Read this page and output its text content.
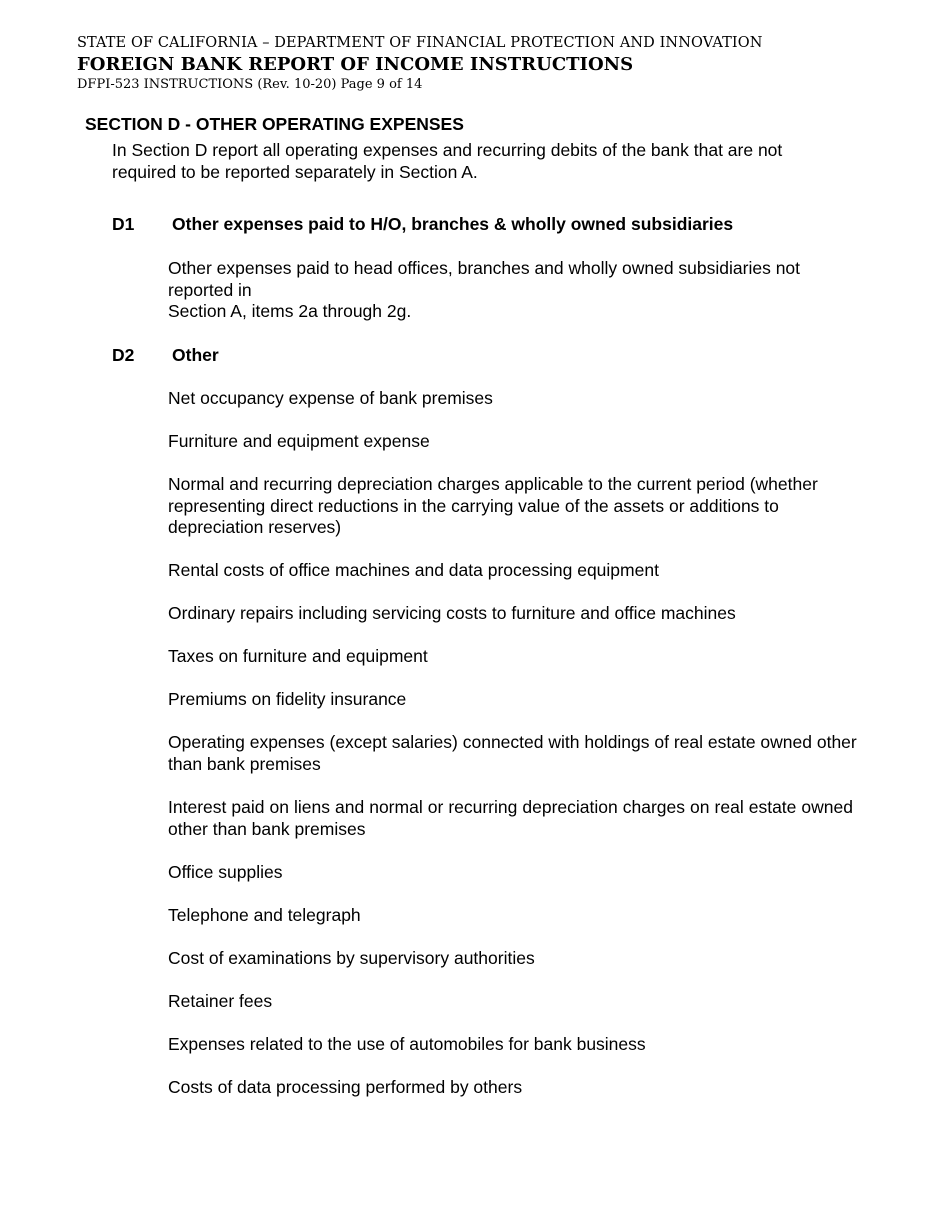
STATE OF CALIFORNIA – DEPARTMENT OF FINANCIAL PROTECTION AND INNOVATION
FOREIGN BANK REPORT OF INCOME INSTRUCTIONS
DFPI-523 INSTRUCTIONS (Rev. 10-20) Page 9 of 14
SECTION D - OTHER OPERATING EXPENSES
In Section D report all operating expenses and recurring debits of the bank that are not
required to be reported separately in Section A.
D1 Other expenses paid to H/O, branches & wholly owned subsidiaries
Other expenses paid to head offices, branches and wholly owned subsidiaries not
reported in
Section A, items 2a through 2g.
D2 Other
Net occupancy expense of bank premises
Furniture and equipment expense
Normal and recurring depreciation charges applicable to the current period (whether representing direct reductions in the carrying value of the assets or additions to depreciation reserves)
Rental costs of office machines and data processing equipment
Ordinary repairs including servicing costs to furniture and office machines
Taxes on furniture and equipment
Premiums on fidelity insurance
Operating expenses (except salaries) connected with holdings of real estate owned other than bank premises
Interest paid on liens and normal or recurring depreciation charges on real estate owned other than bank premises
Office supplies
Telephone and telegraph
Cost of examinations by supervisory authorities
Retainer fees
Expenses related to the use of automobiles for bank business
Costs of data processing performed by others
